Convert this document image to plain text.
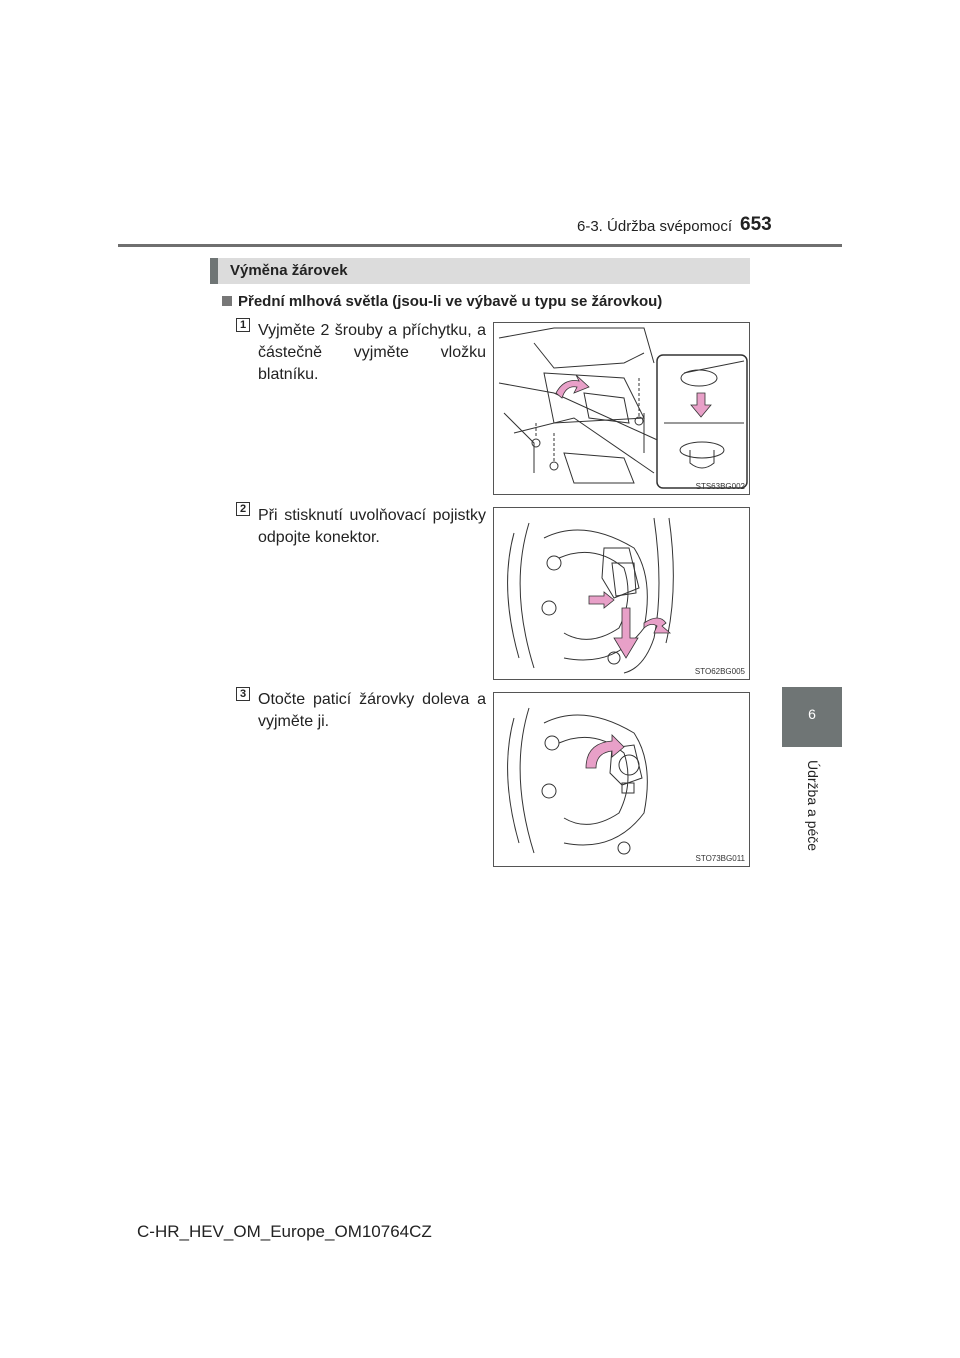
6-3. Údržba svépomocí 653
6
Údržba a péče
Výměna žárovek
Přední mlhová světla (jsou-li ve výbavě u typu se žárovkou)
1 Vyjměte 2 šrouby a příchytku, a částečně vyjměte vložku blatníku.
STS63BG002
2 Při stisknutí uvolňovací pojistky odpojte konektor.
STO62BG005
3 Otočte paticí žárovky doleva a vyjměte ji.
STO73BG011
C-HR_HEV_OM_Europe_OM10764CZ
